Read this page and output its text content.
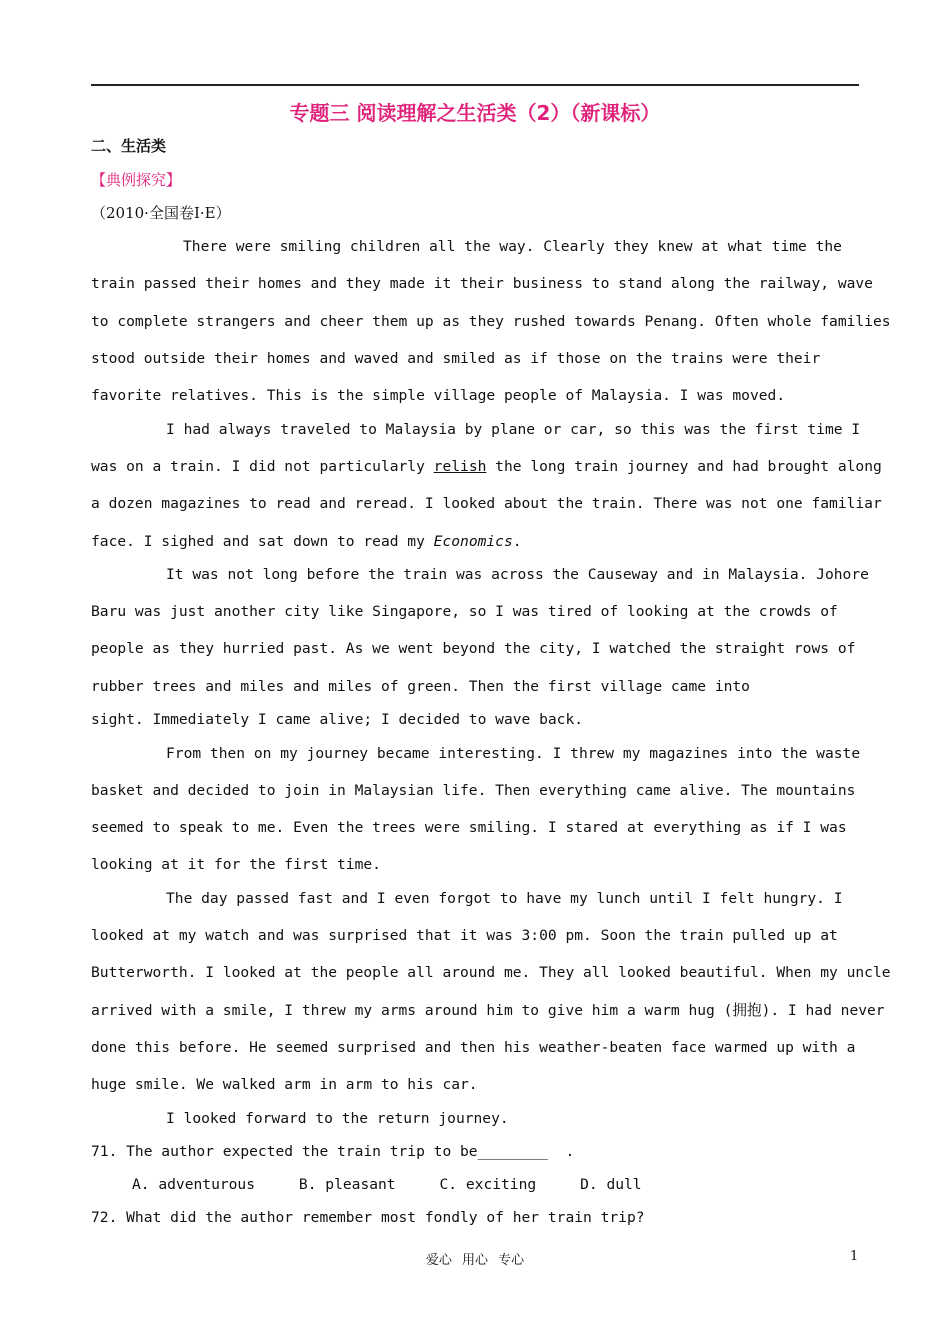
专题三 阅读理解之生活类（2）（新课标）
二、生活类
【典例探究】
（2010·全国卷Ⅰ·E）
There were smiling children all the way. Clearly they knew at what time the
train passed their homes and they made it their business to stand along the railway, wave
to complete strangers and cheer them up as they rushed towards Penang. Often whole families
stood outside their homes and waved and smiled as if those on the trains were their
favorite relatives. This is the simple village people of Malaysia. I was moved.
I had always traveled to Malaysia by plane or car, so this was the first time I
was on a train. I did not particularly relish the long train journey and had brought along
a dozen magazines to read and reread. I looked about the train. There was not one familiar
face. I sighed and sat down to read my Economics.
It was not long before the train was across the Causeway and in Malaysia. Johore
Baru was just another city like Singapore, so I was tired of looking at the crowds of
people as they hurried past. As we went beyond the city, I watched the straight rows of
rubber trees and miles and miles of green. Then the first village came into
sight. Immediately I came alive; I decided to wave back.
From then on my journey became interesting. I threw my magazines into the waste
basket and decided to join in Malaysian life. Then everything came alive. The mountains
seemed to speak to me. Even the trees were smiling. I stared at everything as if I was
looking at it for the first time.
The day passed fast and I even forgot to have my lunch until I felt hungry. I
looked at my watch and was surprised that it was 3:00 pm. Soon the train pulled up at
Butterworth. I looked at the people all around me. They all looked beautiful. When my uncle
arrived with a smile, I threw my arms around him to give him a warm hug (拥抱). I had never
done this before. He seemed surprised and then his weather-beaten face warmed up with a
huge smile. We walked arm in arm to his car.
I looked forward to the return journey.
71. The author expected the train trip to be________  .
A. adventurous     B. pleasant     C. exciting     D. dull
72. What did the author remember most fondly of her train trip?
爱心 用心 专心	1
